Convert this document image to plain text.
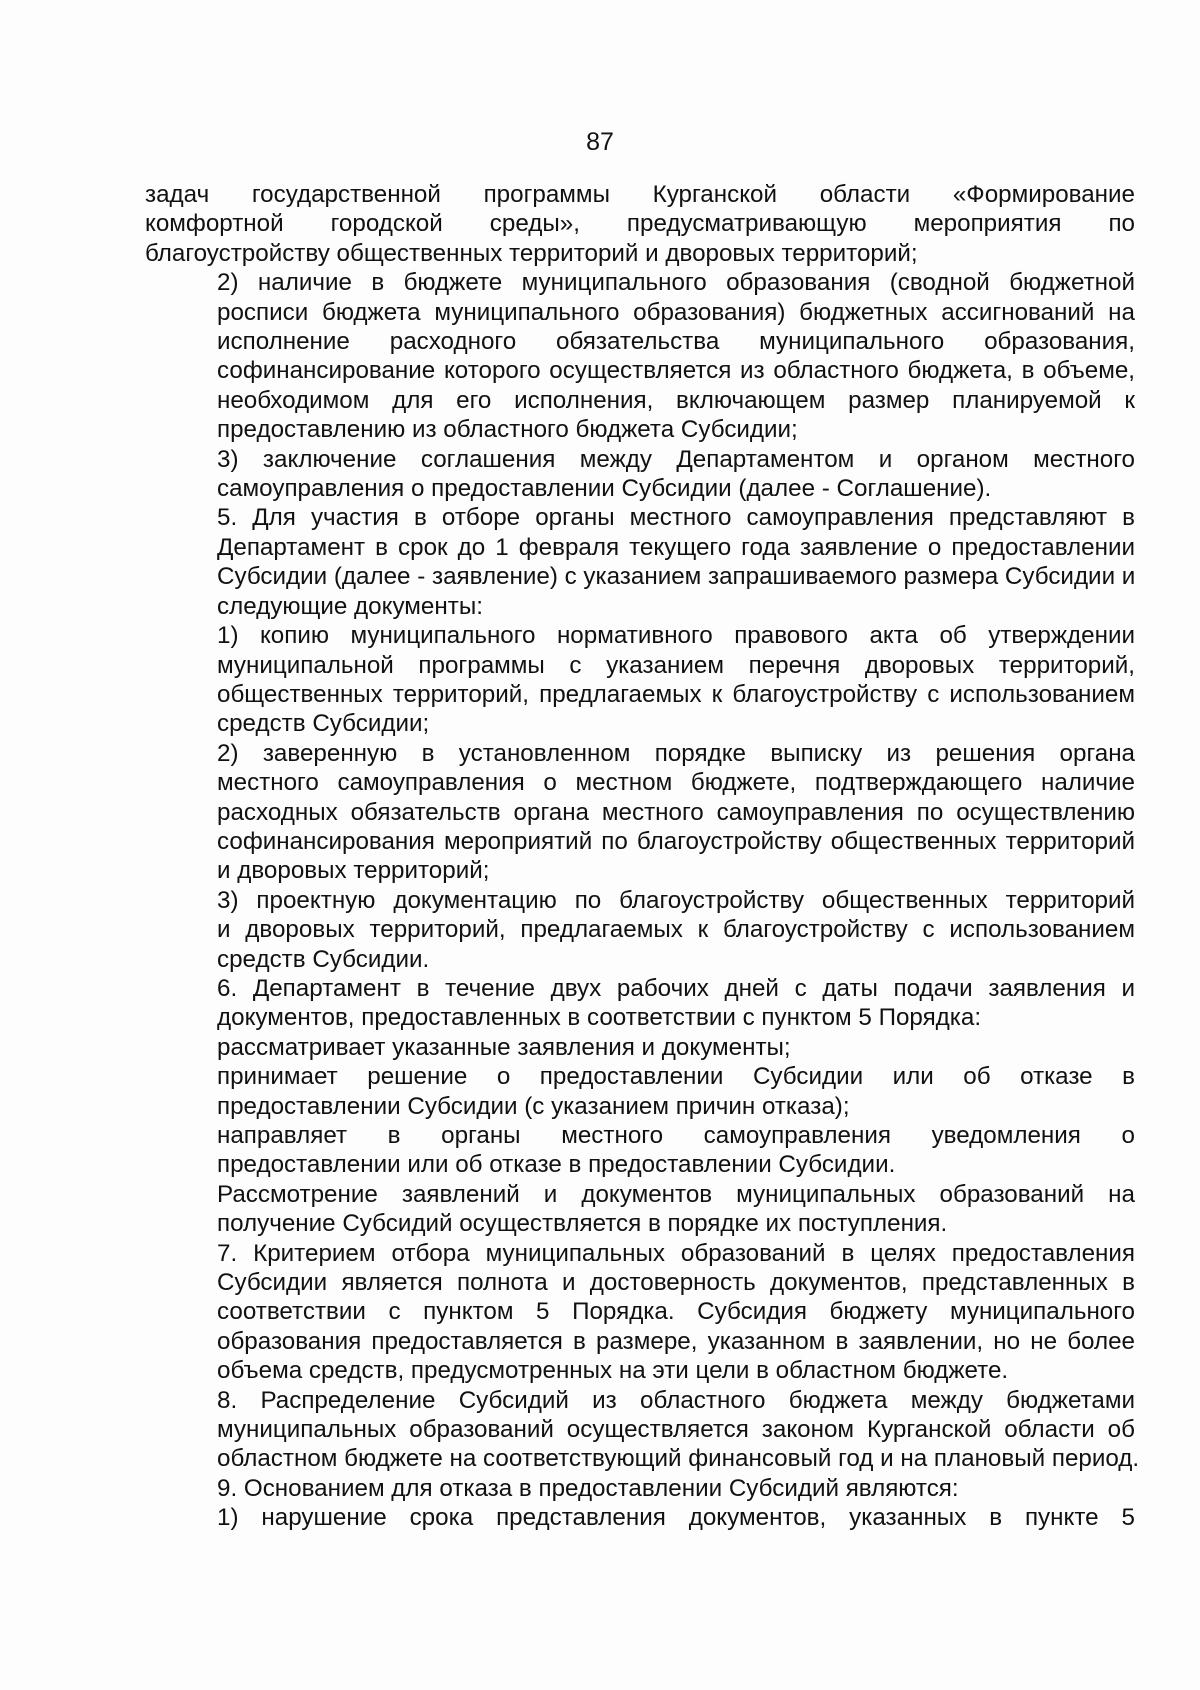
87

задач государственной программы Курганской области «Формирование
комфортной городской среды», предусматривающую мероприятия по
благоустройству общественных территорий и дворовых территорий;

2) наличие в бюджете муниципального образования (сводной бюджетной
росписи бюджета муниципального образования) бюджетных ассигнований на
исполнение расходного обязательства муниципального образования,
софинансирование которого осуществляется из областного бюджета, в объеме,
необходимом для его исполнения, включающем размер планируемой к
предоставлению из областного бюджета Субсидии;

3) заключение соглашения между Департаментом и органом местного
самоуправления о предоставлении Субсидии (далее - Соглашение).

5. Для участия в отборе органы местного самоуправления представляют в
Департамент в срок до 1 февраля текущего года заявление о предоставлении
Субсидии (далее - заявление) с указанием запрашиваемого размера Субсидии и
следующие документы:

1) копию муниципального нормативного правового акта об утверждении
муниципальной программы с указанием перечня дворовых территорий,
общественных территорий, предлагаемых к благоустройству с использованием
средств Субсидии;

2) заверенную в установленном порядке выписку из решения органа
местного самоуправления о местном бюджете, подтверждающего наличие
расходных обязательств органа местного самоуправления по осуществлению
софинансирования мероприятий по благоустройству общественных территорий
и дворовых территорий;

3) проектную документацию по благоустройству общественных территорий
и дворовых территорий, предлагаемых к благоустройству с использованием
средств Субсидии.

6. Департамент в течение двух рабочих дней с даты подачи заявления и
документов, предоставленных в соответствии с пунктом 5 Порядка:

рассматривает указанные заявления и документы;

принимает решение о предоставлении Субсидии или об отказе в
предоставлении Субсидии (с указанием причин отказа);

направляет в органы местного самоуправления уведомления о
предоставлении или об отказе в предоставлении Субсидии.

Рассмотрение заявлений и документов муниципальных образований на
получение Субсидий осуществляется в порядке их поступления.

7. Критерием отбора муниципальных образований в целях предоставления
Субсидии является полнота и достоверность документов, представленных в
соответствии с пунктом 5 Порядка. Субсидия бюджету муниципального
образования предоставляется в размере, указанном в заявлении, но не более
объема средств, предусмотренных на эти цели в областном бюджете.

8. Распределение Субсидий из областного бюджета между бюджетами
муниципальных образований осуществляется законом Курганской области об
областном бюджете на соответствующий финансовый год и на плановый период.

9. Основанием для отказа в предоставлении Субсидий являются:

1) нарушение срока представления документов, указанных в пункте 5
